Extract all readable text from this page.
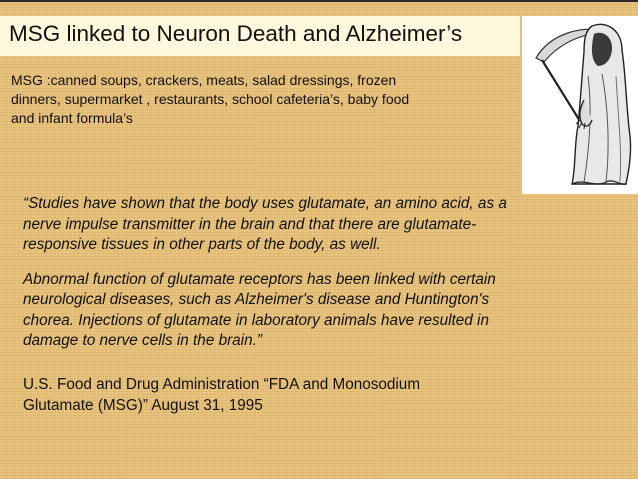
MSG linked to Neuron Death and Alzheimer’s

MSG :canned soups, crackers, meats, salad dressings, frozen dinners, supermarket , restaurants, school cafeteria’s, baby food and infant formula’s

“Studies have shown that the body uses glutamate, an amino acid, as a nerve impulse transmitter in the brain and that there are glutamate-responsive tissues in other parts of the body, as well.

Abnormal function of glutamate receptors has been linked with certain neurological diseases, such as Alzheimer's disease and Huntington's chorea. Injections of glutamate in laboratory animals have resulted in damage to nerve cells in the brain.”

U.S. Food and Drug Administration “FDA and Monosodium Glutamate (MSG)” August 31, 1995
